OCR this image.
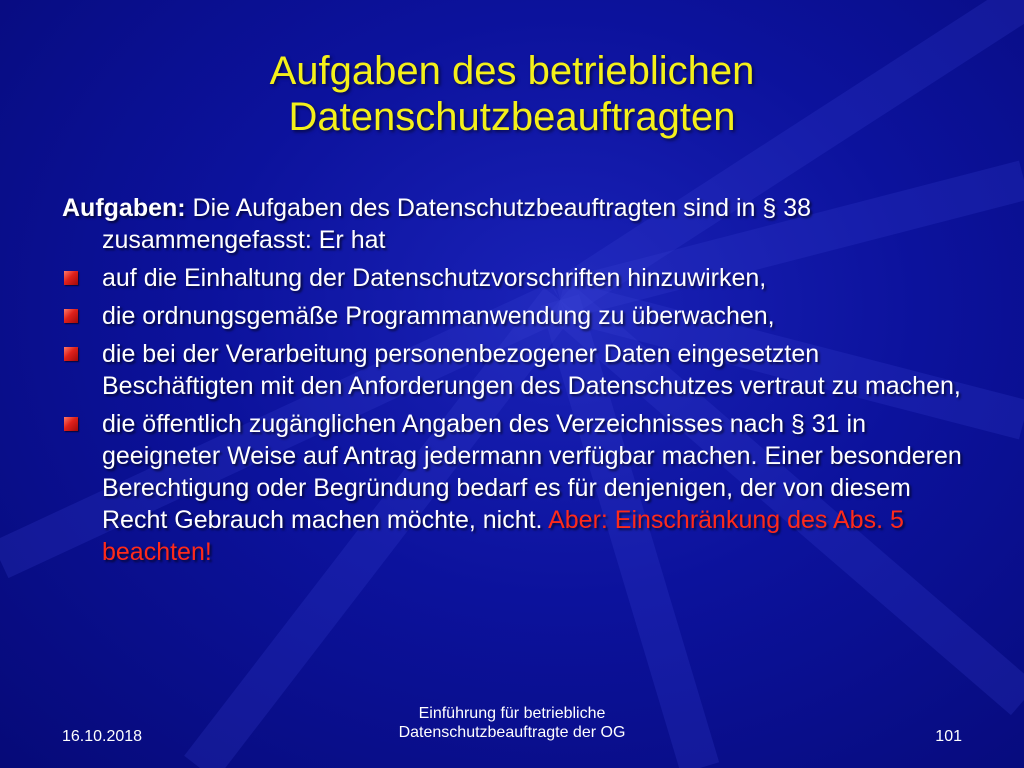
Aufgaben des betrieblichen
Datenschutzbeauftragten
Aufgaben: Die Aufgaben des Datenschutzbeauftragten sind in § 38 zusammengefasst: Er hat
auf die Einhaltung der Datenschutzvorschriften hinzuwirken,
die ordnungsgemäße Programmanwendung zu überwachen,
die bei der Verarbeitung personenbezogener Daten eingesetzten Beschäftigten mit den Anforderungen des Datenschutzes vertraut zu machen,
die öffentlich zugänglichen Angaben des Verzeichnisses nach § 31 in geeigneter Weise auf Antrag jedermann verfügbar machen. Einer besonderen Berechtigung oder Begründung bedarf es für denjenigen, der von diesem Recht Gebrauch machen möchte, nicht. Aber: Einschränkung des Abs. 5 beachten!
16.10.2018
Einführung für betriebliche
Datenschutzbeauftragte der OG	101
